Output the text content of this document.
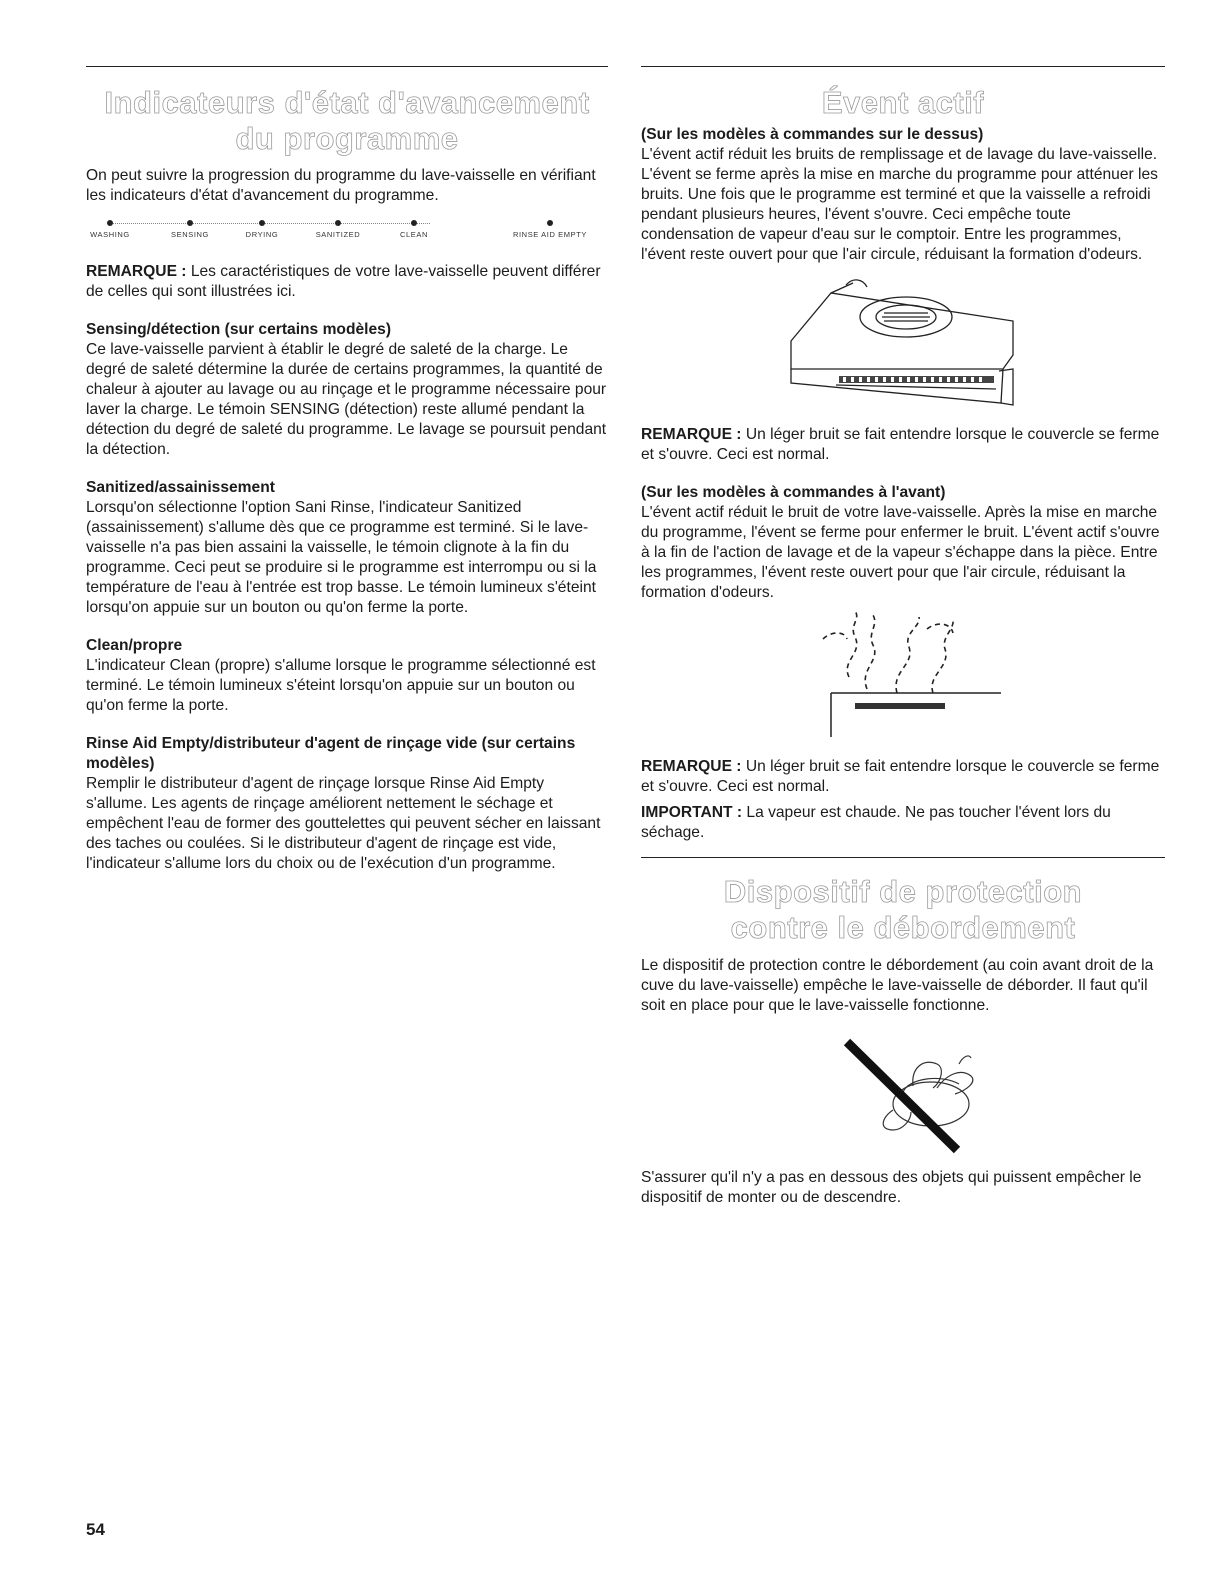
Indicateurs d'état d'avancement
du programme

On peut suivre la progression du programme du lave-vaisselle en vérifiant les indicateurs d'état d'avancement du programme.

WASHING	SENSING	DRYING	SANITIZED	CLEAN	RINSE AID EMPTY

REMARQUE : Les caractéristiques de votre lave-vaisselle peuvent différer de celles qui sont illustrées ici.

Sensing/détection (sur certains modèles)

Ce lave-vaisselle parvient à établir le degré de saleté de la charge. Le degré de saleté détermine la durée de certains programmes, la quantité de chaleur à ajouter au lavage ou au rinçage et le programme nécessaire pour laver la charge. Le témoin SENSING (détection) reste allumé pendant la détection du degré de saleté du programme. Le lavage se poursuit pendant la détection.

Sanitized/assainissement

Lorsqu'on sélectionne l'option Sani Rinse, l'indicateur Sanitized (assainissement) s'allume dès que ce programme est terminé. Si le lave-vaisselle n'a pas bien assaini la vaisselle, le témoin clignote à la fin du programme. Ceci peut se produire si le programme est interrompu ou si la température de l'eau à l'entrée est trop basse. Le témoin lumineux s'éteint lorsqu'on appuie sur un bouton ou qu'on ferme la porte.

Clean/propre

L'indicateur Clean (propre) s'allume lorsque le programme sélectionné est terminé. Le témoin lumineux s'éteint lorsqu'on appuie sur un bouton ou qu'on ferme la porte.

Rinse Aid Empty/distributeur d'agent de rinçage vide (sur certains modèles)

Remplir le distributeur d'agent de rinçage lorsque Rinse Aid Empty s'allume. Les agents de rinçage améliorent nettement le séchage et empêchent l'eau de former des gouttelettes qui peuvent sécher en laissant des taches ou coulées. Si le distributeur d'agent de rinçage est vide, l'indicateur s'allume lors du choix ou de l'exécution d'un programme.

Évent actif
(Sur les modèles à commandes sur le dessus)

L'évent actif réduit les bruits de remplissage et de lavage du lave-vaisselle. L'évent se ferme après la mise en marche du programme pour atténuer les bruits. Une fois que le programme est terminé et que la vaisselle a refroidi pendant plusieurs heures, l'évent s'ouvre. Ceci empêche toute condensation de vapeur d'eau sur le comptoir. Entre les programmes, l'évent reste ouvert pour que l'air circule, réduisant la formation d'odeurs.

REMARQUE : Un léger bruit se fait entendre lorsque le couvercle se ferme et s'ouvre. Ceci est normal.

(Sur les modèles à commandes à l'avant)

L'évent actif réduit le bruit de votre lave-vaisselle. Après la mise en marche du programme, l'évent se ferme pour enfermer le bruit. L'évent actif s'ouvre à la fin de l'action de lavage et de la vapeur s'échappe dans la pièce. Entre les programmes, l'évent reste ouvert pour que l'air circule, réduisant la formation d'odeurs.

REMARQUE : Un léger bruit se fait entendre lorsque le couvercle se ferme et s'ouvre. Ceci est normal.

IMPORTANT : La vapeur est chaude. Ne pas toucher l'évent lors du séchage.

Dispositif de protection
contre le débordement

Le dispositif de protection contre le débordement (au coin avant droit de la cuve du lave-vaisselle) empêche le lave-vaisselle de déborder. Il faut qu'il soit en place pour que le lave-vaisselle fonctionne.

S'assurer qu'il n'y a pas en dessous des objets qui puissent empêcher le dispositif de monter ou de descendre.

54
